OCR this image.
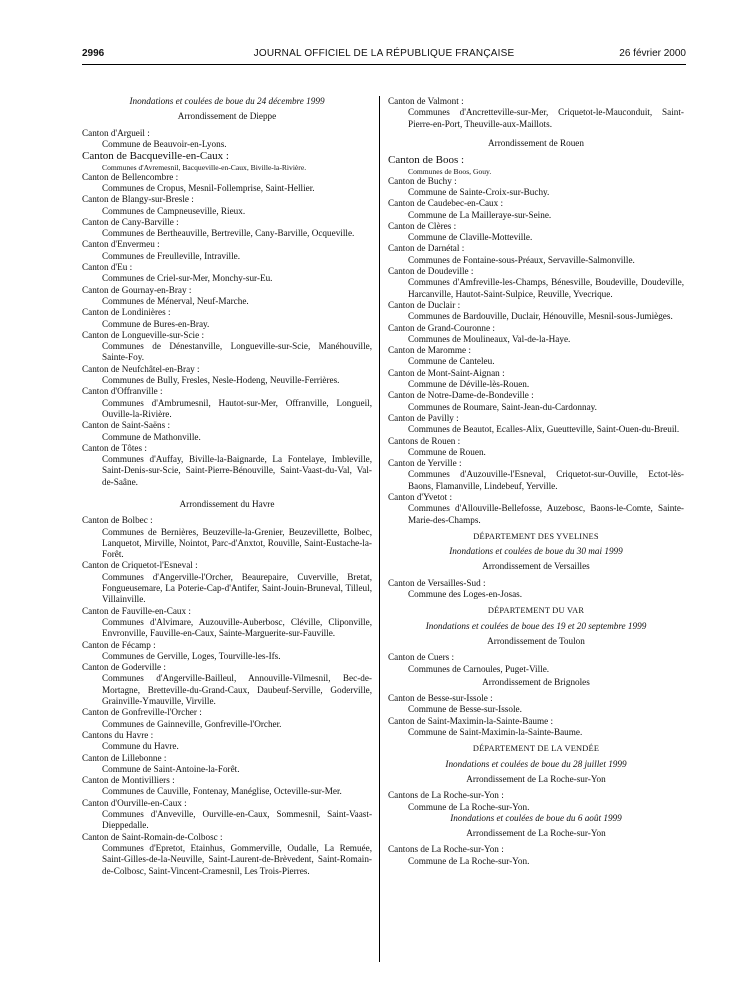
2996	JOURNAL OFFICIEL DE LA RÉPUBLIQUE FRANÇAISE	26 février 2000

Inondations et coulées de boue du 24 décembre 1999

Arrondissement de Dieppe

Canton d'Argueil :

Commune de Beauvoir-en-Lyons.

Canton de Bacqueville-en-Caux :

Communes d'Avremesnil, Bacqueville-en-Caux, Biville-la-Rivière.

Canton de Bellencombre :

Communes de Cropus, Mesnil-Follemprise, Saint-Hellier.

Canton de Blangy-sur-Bresle :

Communes de Campneuseville, Rieux.

Canton de Cany-Barville :

Communes de Bertheauville, Bertreville, Cany-Barville, Ocqueville.

Canton d'Envermeu :

Communes de Freulleville, Intraville.

Canton d'Eu :

Communes de Criel-sur-Mer, Monchy-sur-Eu.

Canton de Gournay-en-Bray :

Communes de Ménerval, Neuf-Marche.

Canton de Londinières :

Commune de Bures-en-Bray.

Canton de Longueville-sur-Scie :

Communes de Dénestanville, Longueville-sur-Scie, Manéhouville, Sainte-Foy.

Canton de Neufchâtel-en-Bray :

Communes de Bully, Fresles, Nesle-Hodeng, Neuville-Ferrières.

Canton d'Offranville :

Communes d'Ambrumesnil, Hautot-sur-Mer, Offranville, Longueil, Ouville-la-Rivière.

Canton de Saint-Saëns :

Commune de Mathonville.

Canton de Tôtes :

Communes d'Auffay, Biville-la-Baignarde, La Fontelaye, Imbleville, Saint-Denis-sur-Scie, Saint-Pierre-Bénouville, Saint-Vaast-du-Val, Val-de-Saâne.

Arrondissement du Havre

Canton de Bolbec :

Communes de Bernières, Beuzeville-la-Grenier, Beuzevillette, Bolbec, Lanquetot, Mirville, Nointot, Parc-d'Anxtot, Rouville, Saint-Eustache-la-Forêt.

Canton de Criquetot-l'Esneval :

Communes d'Angerville-l'Orcher, Beaurepaire, Cuverville, Bretat, Fongueusemare, La Poterie-Cap-d'Antifer, Saint-Jouin-Bruneval, Tilleul, Villainville.

Canton de Fauville-en-Caux :

Communes d'Alvimare, Auzouville-Auberbosc, Cléville, Cliponville, Envronville, Fauville-en-Caux, Sainte-Marguerite-sur-Fauville.

Canton de Fécamp :

Communes de Gerville, Loges, Tourville-les-Ifs.

Canton de Goderville :

Communes d'Angerville-Bailleul, Annouville-Vilmesnil, Bec-de-Mortagne, Bretteville-du-Grand-Caux, Daubeuf-Serville, Goderville, Grainville-Ymauville, Virville.

Canton de Gonfreville-l'Orcher :

Communes de Gainneville, Gonfreville-l'Orcher.

Cantons du Havre :

Commune du Havre.

Canton de Lillebonne :

Commune de Saint-Antoine-la-Forêt.

Canton de Montivilliers :

Communes de Cauville, Fontenay, Manéglise, Octeville-sur-Mer.

Canton d'Ourville-en-Caux :

Communes d'Anveville, Ourville-en-Caux, Sommesnil, Saint-Vaast-Dieppedalle.

Canton de Saint-Romain-de-Colbosc :

Communes d'Epretot, Etainhus, Gommerville, Oudalle, La Remuée, Saint-Gilles-de-la-Neuville, Saint-Laurent-de-Brèvedent, Saint-Romain-de-Colbosc, Saint-Vincent-Cramesnil, Les Trois-Pierres.

Canton de Valmont :

Communes d'Ancretteville-sur-Mer, Criquetot-le-Mauconduit, Saint-Pierre-en-Port, Theuville-aux-Maillots.

Arrondissement de Rouen

Canton de Boos :

Communes de Boos, Gouy.

Canton de Buchy :

Commune de Sainte-Croix-sur-Buchy.

Canton de Caudebec-en-Caux :

Commune de La Mailleraye-sur-Seine.

Canton de Clères :

Commune de Claville-Motteville.

Canton de Darnétal :

Communes de Fontaine-sous-Préaux, Servaville-Salmonville.

Canton de Doudeville :

Communes d'Amfreville-les-Champs, Bénesville, Boudeville, Doudeville, Harcanville, Hautot-Saint-Sulpice, Reuville, Yvecrique.

Canton de Duclair :

Communes de Bardouville, Duclair, Hénouville, Mesnil-sous-Jumièges.

Canton de Grand-Couronne :

Communes de Moulineaux, Val-de-la-Haye.

Canton de Maromme :

Commune de Canteleu.

Canton de Mont-Saint-Aignan :

Commune de Déville-lès-Rouen.

Canton de Notre-Dame-de-Bondeville :

Communes de Roumare, Saint-Jean-du-Cardonnay.

Canton de Pavilly :

Communes de Beautot, Ecalles-Alix, Gueutteville, Saint-Ouen-du-Breuil.

Cantons de Rouen :

Commune de Rouen.

Canton de Yerville :

Communes d'Auzouville-l'Esneval, Criquetot-sur-Ouville, Ectot-lès-Baons, Flamanville, Lindebeuf, Yerville.

Canton d'Yvetot :

Communes d'Allouville-Bellefosse, Auzebosc, Baons-le-Comte, Sainte-Marie-des-Champs.

DÉPARTEMENT DES YVELINES

Inondations et coulées de boue du 30 mai 1999

Arrondissement de Versailles

Canton de Versailles-Sud :

Commune des Loges-en-Josas.

DÉPARTEMENT DU VAR

Inondations et coulées de boue des 19 et 20 septembre 1999

Arrondissement de Toulon

Canton de Cuers :

Communes de Carnoules, Puget-Ville.

Arrondissement de Brignoles

Canton de Besse-sur-Issole :

Commune de Besse-sur-Issole.

Canton de Saint-Maximin-la-Sainte-Baume :

Commune de Saint-Maximin-la-Sainte-Baume.

DÉPARTEMENT DE LA VENDÉE

Inondations et coulées de boue du 28 juillet 1999

Arrondissement de La Roche-sur-Yon

Cantons de La Roche-sur-Yon :

Commune de La Roche-sur-Yon.

Inondations et coulées de boue du 6 août 1999

Arrondissement de La Roche-sur-Yon

Cantons de La Roche-sur-Yon :

Commune de La Roche-sur-Yon.
